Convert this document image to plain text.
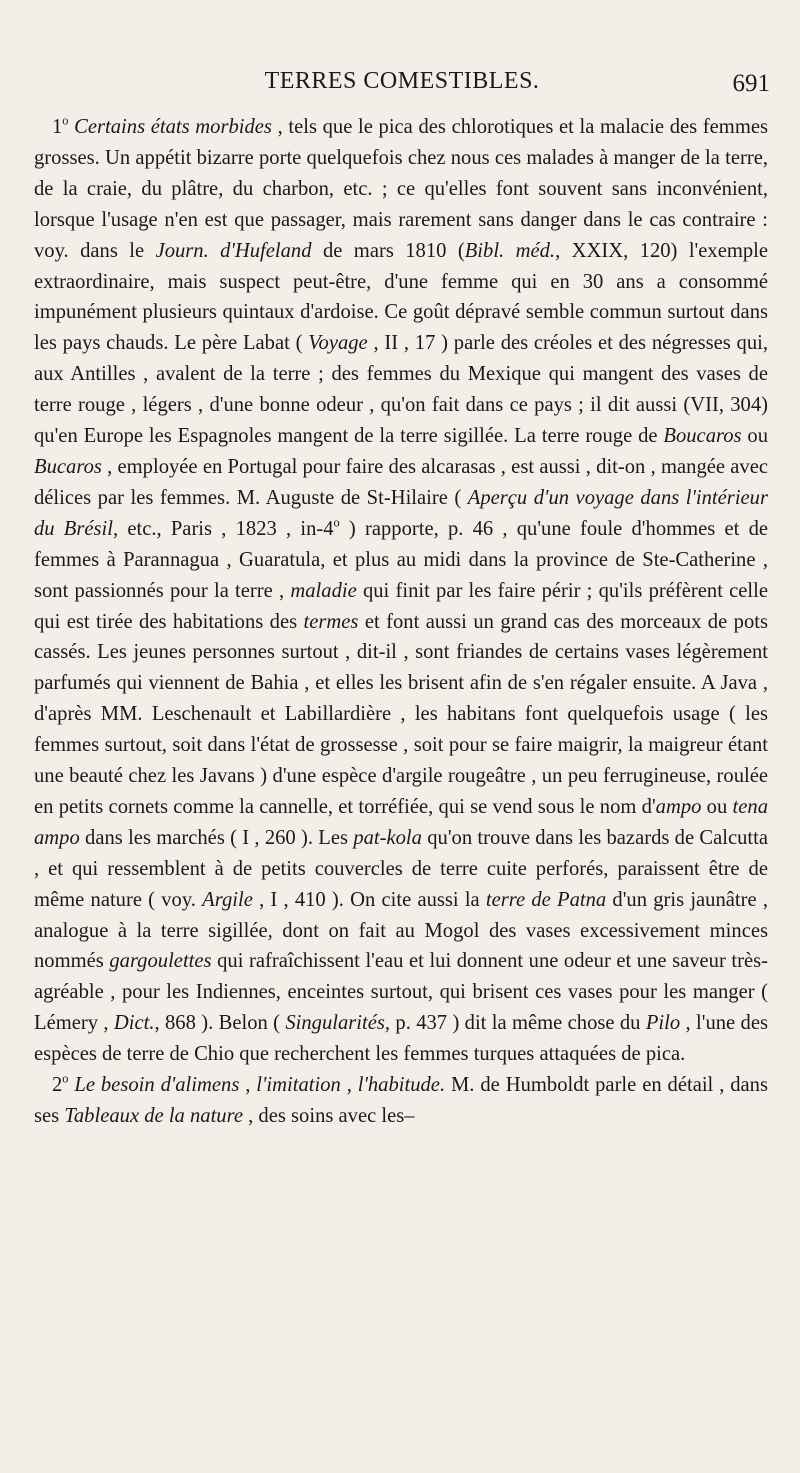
TERRES COMESTIBLES.	691

1$^o$ Certains états morbides , tels que le pica des chlorotiques et la malacie des femmes grosses. Un appétit bizarre porte quelquefois chez nous ces malades à manger de la terre, de la craie, du plâtre, du charbon, etc. ; ce qu'elles font souvent sans inconvénient, lorsque l'usage n'en est que passager, mais rarement sans danger dans le cas contraire : voy. dans le Journ. d'Hufeland de mars 1810 (Bibl. méd., XXIX, 120) l'exemple extraordinaire, mais suspect peut-être, d'une femme qui en 30 ans a consommé impunément plusieurs quintaux d'ardoise. Ce goût dépravé semble commun surtout dans les pays chauds. Le père Labat ( Voyage , II , 17 ) parle des créoles et des négresses qui, aux Antilles , avalent de la terre ; des femmes du Mexique qui mangent des vases de terre rouge , légers , d'une bonne odeur , qu'on fait dans ce pays ; il dit aussi (VII, 304) qu'en Europe les Espagnoles mangent de la terre sigillée. La terre rouge de Boucaros ou Bucaros , employée en Portugal pour faire des alcarasas , est aussi , dit-on , mangée avec délices par les femmes. M. Auguste de St-Hilaire ( Aperçu d'un voyage dans l'intérieur du Brésil, etc., Paris , 1823 , in-4$^o$ ) rapporte, p. 46 , qu'une foule d'hommes et de femmes à Parannagua , Guaratula, et plus au midi dans la province de Ste-Catherine , sont passionnés pour la terre , maladie qui finit par les faire périr ; qu'ils préfèrent celle qui est tirée des habitations des termes et font aussi un grand cas des morceaux de pots cassés. Les jeunes personnes surtout , dit-il , sont friandes de certains vases légèrement parfumés qui viennent de Bahia , et elles les brisent afin de s'en régaler ensuite. A Java , d'après MM. Leschenault et Labillardière , les habitans font quelquefois usage ( les femmes surtout, soit dans l'état de grossesse , soit pour se faire maigrir, la maigreur étant une beauté chez les Javans ) d'une espèce d'argile rougeâtre , un peu ferrugineuse, roulée en petits cornets comme la cannelle, et torréfiée, qui se vend sous le nom d'ampo ou tena ampo dans les marchés ( I , 260 ). Les pat-kola qu'on trouve dans les bazards de Calcutta , et qui ressemblent à de petits couvercles de terre cuite perforés, paraissent être de même nature ( voy. Argile , I , 410 ). On cite aussi la terre de Patna d'un gris jaunâtre , analogue à la terre sigillée, dont on fait au Mogol des vases excessivement minces nommés gargoulettes qui rafraîchissent l'eau et lui donnent une odeur et une saveur très-agréable , pour les Indiennes, enceintes surtout, qui brisent ces vases pour les manger ( Lémery , Dict., 868 ). Belon ( Singularités, p. 437 ) dit la même chose du Pilo , l'une des espèces de terre de Chio que recherchent les femmes turques attaquées de pica.

2$^o$ Le besoin d'alimens , l'imitation , l'habitude. M. de Humboldt parle en détail , dans ses Tableaux de la nature , des soins avec les–
